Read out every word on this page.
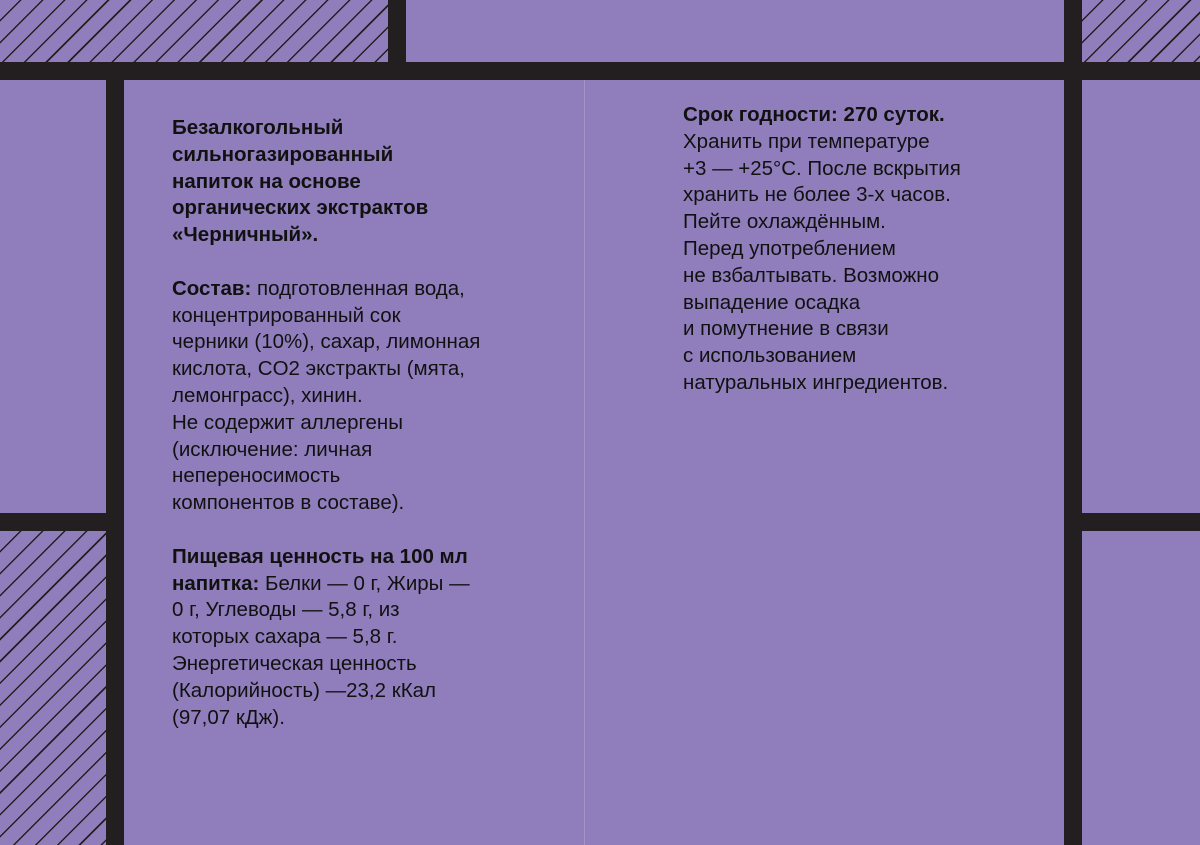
Безалкогольный
сильногазированный
напиток на основе
органических экстрактов
«Черничный».

Состав: подготовленная вода,
концентрированный сок
черники (10%), сахар, лимонная
кислота, CO2 экстракты (мята,
лемонграсс), хинин.
Не содержит аллергены
(исключение: личная
непереносимость
компонентов в составе).

Пищевая ценность на 100 мл
напитка: Белки — 0 г, Жиры —
0 г, Углеводы — 5,8 г, из
которых сахара — 5,8 г.
Энергетическая ценность
(Калорийность) —23,2 кКал
(97,07 кДж).

Срок годности: 270 суток.

Хранить при температуре
+3 — +25°С. После вскрытия
хранить не более 3-х часов.
Пейте охлаждённым.
Перед употреблением
не взбалтывать. Возможно
выпадение осадка
и помутнение в связи
с использованием
натуральных ингредиентов.
